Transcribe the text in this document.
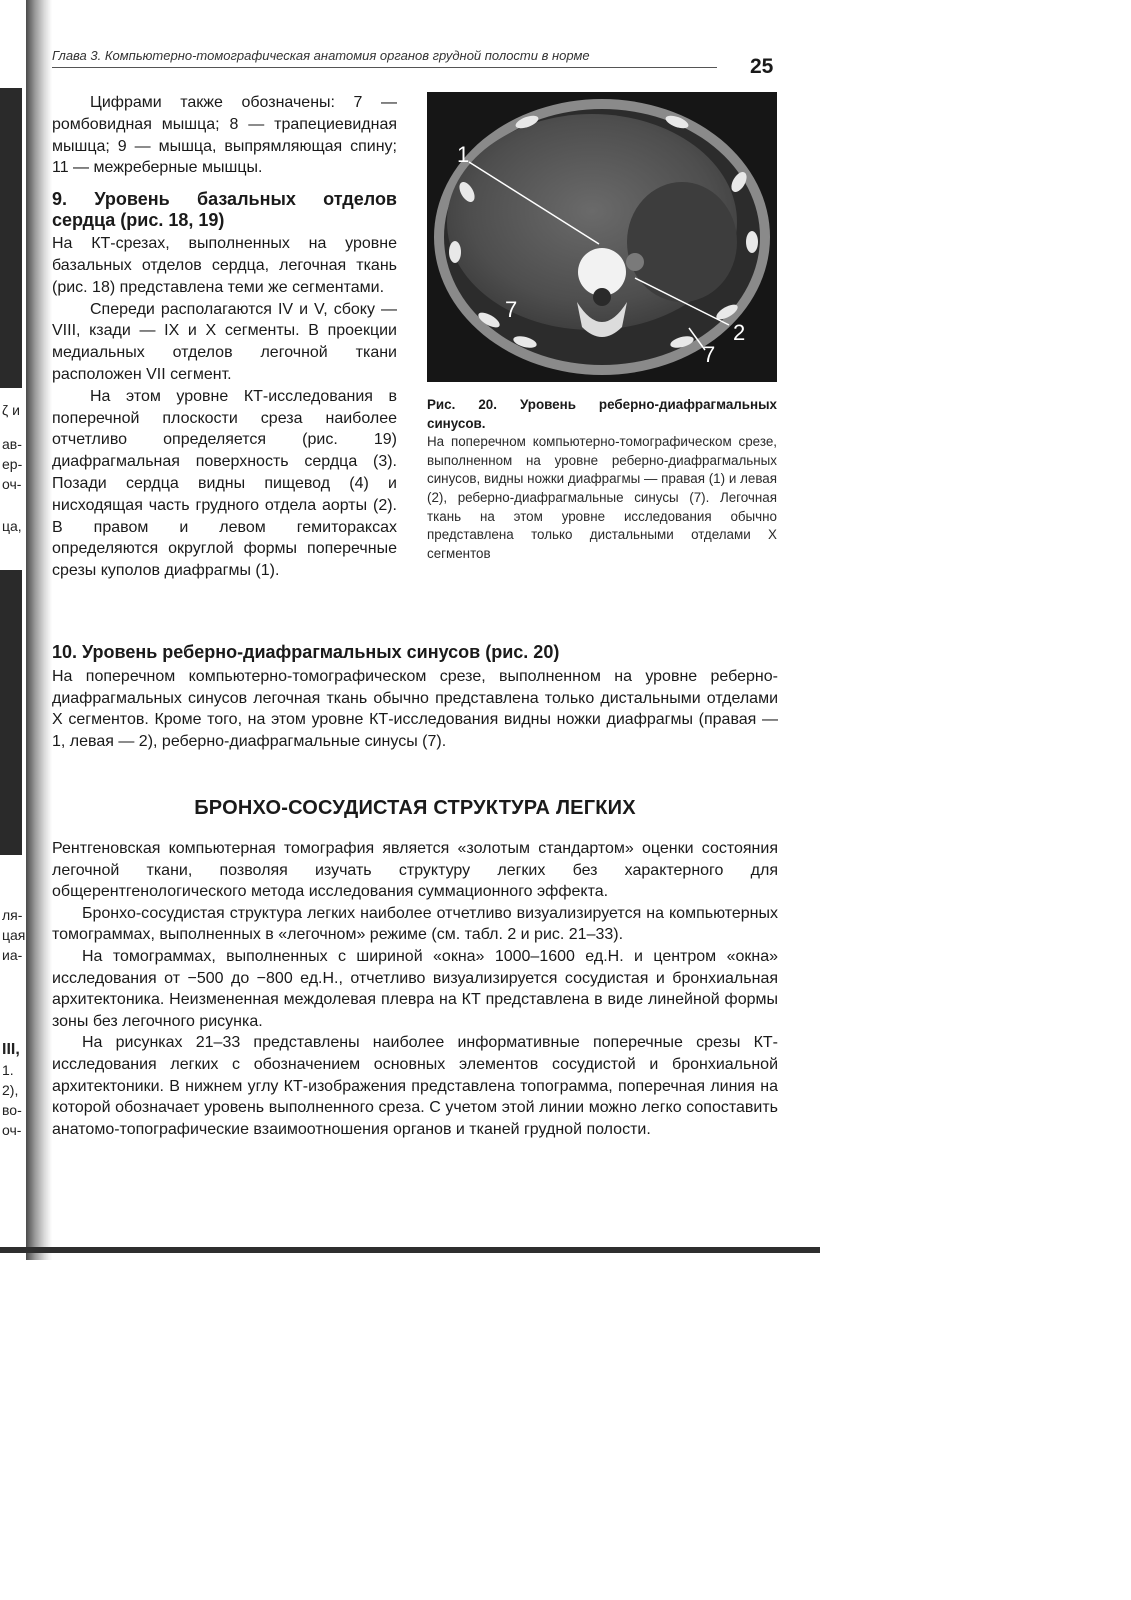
ζ и
ав-
ер-
оч-
ца,
ля-
цая
иа-
III,
1.
2),
во-
оч-
Глава 3. Компьютерно-томографическая анатомия органов грудной полости в норме	25

Цифрами также обозначены: 7 — ромбовидная мышца; 8 — трапециевидная мышца; 9 — мышца, выпрямляющая спину; 11 — межреберные мышцы.

9. Уровень базальных отделов сердца (рис. 18, 19)

На КТ-срезах, выполненных на уровне базальных отделов сердца, легочная ткань (рис. 18) представлена теми же сегментами.

Спереди располагаются IV и V, сбоку — VIII, кзади — IX и X сегменты. В проекции медиальных отделов легочной ткани расположен VII сегмент.

На этом уровне КТ-исследования в поперечной плоскости среза наиболее отчетливо определяется (рис. 19) диафрагмальная поверхность сердца (3). Позади сердца видны пищевод (4) и нисходящая часть грудного отдела аорты (2). В правом и левом гемитораксах определяются округлой формы поперечные срезы куполов диафрагмы (1).

1
7
2
7

Рис. 20. Уровень реберно-диафрагмальных синусов.

На поперечном компьютерно-томографическом срезе, выполненном на уровне реберно-диафрагмальных синусов, видны ножки диафрагмы — правая (1) и левая (2), реберно-диафрагмальные синусы (7). Легочная ткань на этом уровне исследования обычно представлена только дистальными отделами X сегментов

10. Уровень реберно-диафрагмальных синусов (рис. 20)

На поперечном компьютерно-томографическом срезе, выполненном на уровне реберно-диафрагмальных синусов легочная ткань обычно представлена только дистальными отделами X сегментов. Кроме того, на этом уровне КТ-исследования видны ножки диафрагмы (правая — 1, левая — 2), реберно-диафрагмальные синусы (7).

БРОНХО-СОСУДИСТАЯ СТРУКТУРА ЛЕГКИХ

Рентгеновская компьютерная томография является «золотым стандартом» оценки состояния легочной ткани, позволяя изучать структуру легких без характерного для общерентгенологического метода исследования суммационного эффекта.

Бронхо-сосудистая структура легких наиболее отчетливо визуализируется на компьютерных томограммах, выполненных в «легочном» режиме (см. табл. 2 и рис. 21–33).

На томограммах, выполненных с шириной «окна» 1000–1600 ед.Н. и центром «окна» исследования от −500 до −800 ед.Н., отчетливо визуализируется сосудистая и бронхиальная архитектоника. Неизмененная междолевая плевра на КТ представлена в виде линейной формы зоны без легочного рисунка.

На рисунках 21–33 представлены наиболее информативные поперечные срезы КТ-исследования легких с обозначением основных элементов сосудистой и бронхиальной архитектоники. В нижнем углу КТ-изображения представлена топограмма, поперечная линия на которой обозначает уровень выполненного среза. С учетом этой линии можно легко сопоставить анатомо-топографические взаимоотношения органов и тканей грудной полости.
